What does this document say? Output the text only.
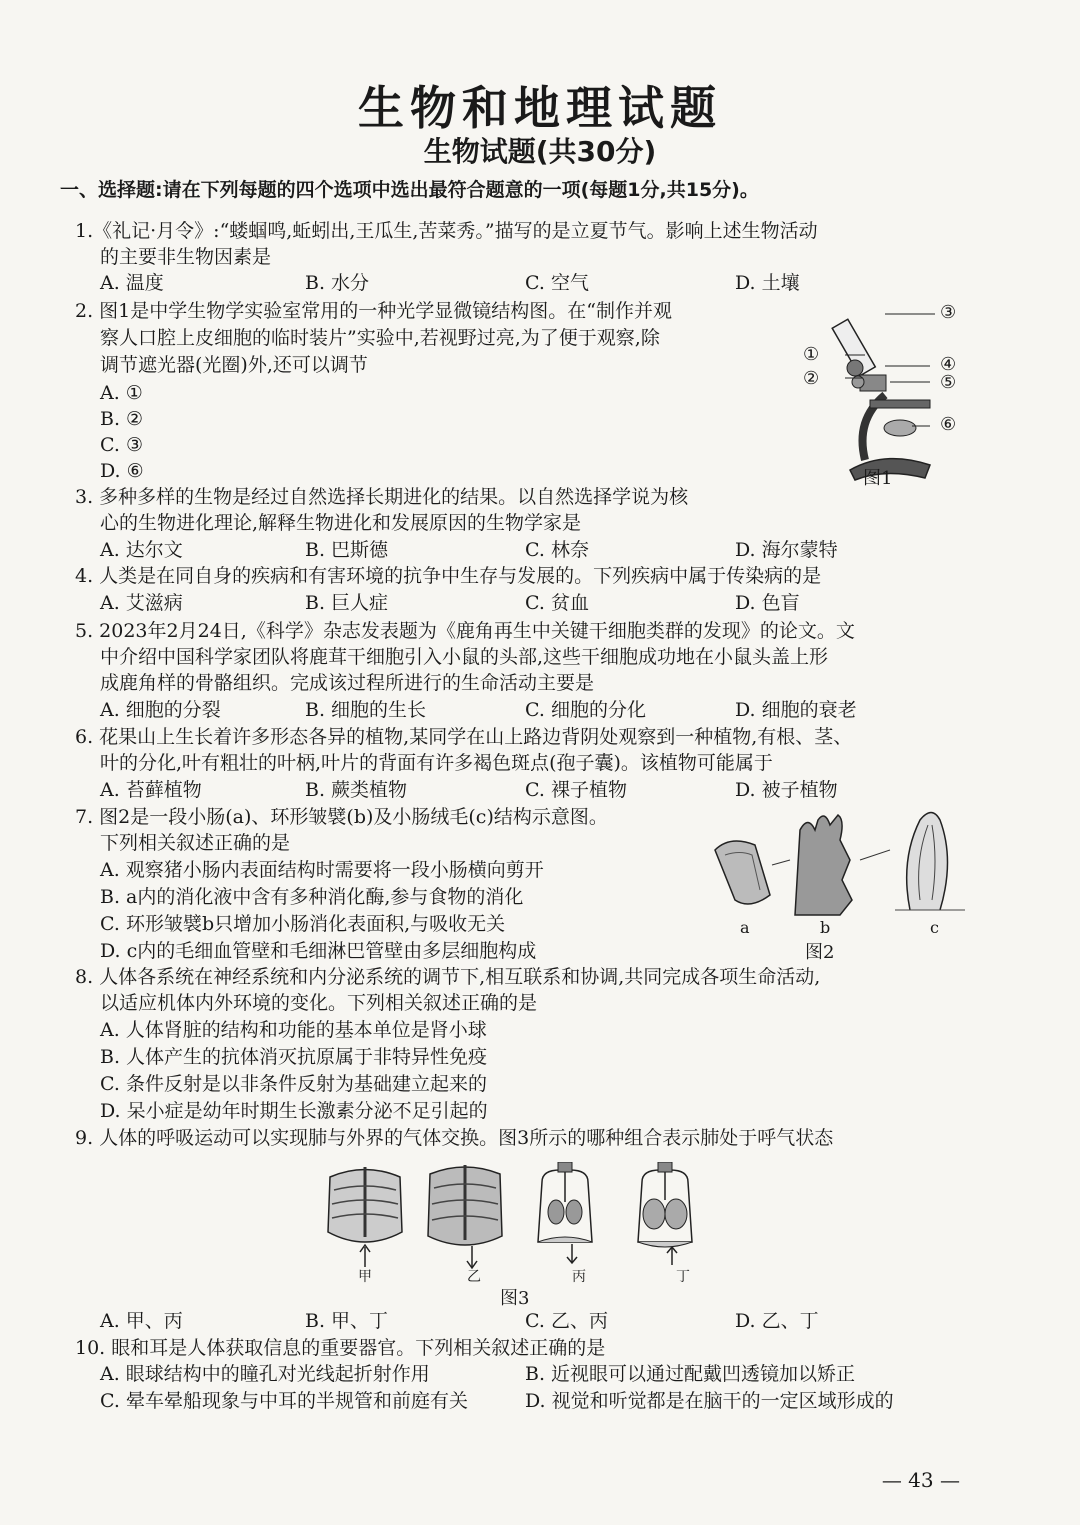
生物和地理试题
生物试题(共30分)
一、选择题:请在下列每题的四个选项中选出最符合题意的一项(每题1分,共15分)。
1.《礼记·月令》:“蝼蝈鸣,蚯蚓出,王瓜生,苦菜秀。”描写的是立夏节气。影响上述生物活动
的主要非生物因素是
A. 温度	B. 水分	C. 空气	D. 土壤
2. 图1是中学生物学实验室常用的一种光学显微镜结构图。在“制作并观
察人口腔上皮细胞的临时装片”实验中,若视野过亮,为了便于观察,除
调节遮光器(光圈)外,还可以调节
A. ①
B. ②
C. ③
D. ⑥
③
①
②
④
⑤
⑥
图1
3. 多种多样的生物是经过自然选择长期进化的结果。以自然选择学说为核
心的生物进化理论,解释生物进化和发展原因的生物学家是
A. 达尔文	B. 巴斯德	C. 林奈	D. 海尔蒙特
4. 人类是在同自身的疾病和有害环境的抗争中生存与发展的。下列疾病中属于传染病的是
A. 艾滋病	B. 巨人症	C. 贫血	D. 色盲
5. 2023年2月24日,《科学》杂志发表题为《鹿角再生中关键干细胞类群的发现》的论文。文
中介绍中国科学家团队将鹿茸干细胞引入小鼠的头部,这些干细胞成功地在小鼠头盖上形
成鹿角样的骨骼组织。完成该过程所进行的生命活动主要是
A. 细胞的分裂	B. 细胞的生长	C. 细胞的分化	D. 细胞的衰老
6. 花果山上生长着许多形态各异的植物,某同学在山上路边背阴处观察到一种植物,有根、茎、
叶的分化,叶有粗壮的叶柄,叶片的背面有许多褐色斑点(孢子囊)。该植物可能属于
A. 苔藓植物	B. 蕨类植物	C. 裸子植物	D. 被子植物
7. 图2是一段小肠(a)、环形皱襞(b)及小肠绒毛(c)结构示意图。
下列相关叙述正确的是
A. 观察猪小肠内表面结构时需要将一段小肠横向剪开
B. a内的消化液中含有多种消化酶,参与食物的消化
C. 环形皱襞b只增加小肠消化表面积,与吸收无关
D. c内的毛细血管壁和毛细淋巴管壁由多层细胞构成
a	b	c
图2
8. 人体各系统在神经系统和内分泌系统的调节下,相互联系和协调,共同完成各项生命活动,
以适应机体内外环境的变化。下列相关叙述正确的是
A. 人体肾脏的结构和功能的基本单位是肾小球
B. 人体产生的抗体消灭抗原属于非特异性免疫
C. 条件反射是以非条件反射为基础建立起来的
D. 呆小症是幼年时期生长激素分泌不足引起的
9. 人体的呼吸运动可以实现肺与外界的气体交换。图3所示的哪种组合表示肺处于呼气状态
甲	乙	丙	丁
图3
A. 甲、丙	B. 甲、丁	C. 乙、丙	D. 乙、丁
10. 眼和耳是人体获取信息的重要器官。下列相关叙述正确的是
A. 眼球结构中的瞳孔对光线起折射作用	B. 近视眼可以通过配戴凹透镜加以矫正
C. 晕车晕船现象与中耳的半规管和前庭有关	D. 视觉和听觉都是在脑干的一定区域形成的
— 43 —
